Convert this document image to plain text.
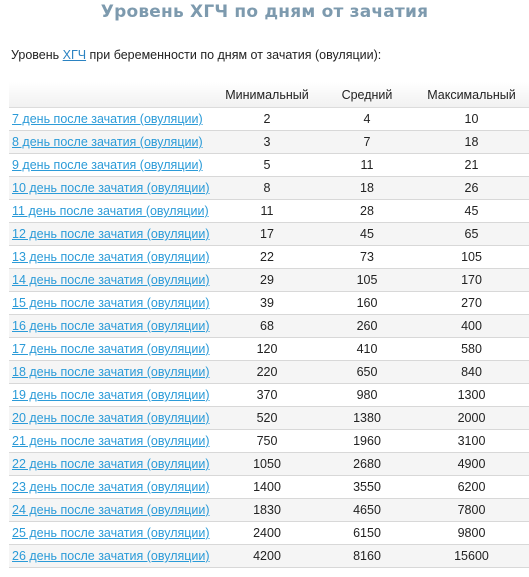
Уровень ХГЧ по дням от зачатия
Уровень ХГЧ при беременности по дням от зачатия (овуляции):
	Минимальный	Средний	Максимальный
7 день после зачатия (овуляции)	2	4	10
8 день после зачатия (овуляции)	3	7	18
9 день после зачатия (овуляции)	5	11	21
10 день после зачатия (овуляции)	8	18	26
11 день после зачатия (овуляции)	11	28	45
12 день после зачатия (овуляции)	17	45	65
13 день после зачатия (овуляции)	22	73	105
14 день после зачатия (овуляции)	29	105	170
15 день после зачатия (овуляции)	39	160	270
16 день после зачатия (овуляции)	68	260	400
17 день после зачатия (овуляции)	120	410	580
18 день после зачатия (овуляции)	220	650	840
19 день после зачатия (овуляции)	370	980	1300
20 день после зачатия (овуляции)	520	1380	2000
21 день после зачатия (овуляции)	750	1960	3100
22 день после зачатия (овуляции)	1050	2680	4900
23 день после зачатия (овуляции)	1400	3550	6200
24 день после зачатия (овуляции)	1830	4650	7800
25 день после зачатия (овуляции)	2400	6150	9800
26 день после зачатия (овуляции)	4200	8160	15600
